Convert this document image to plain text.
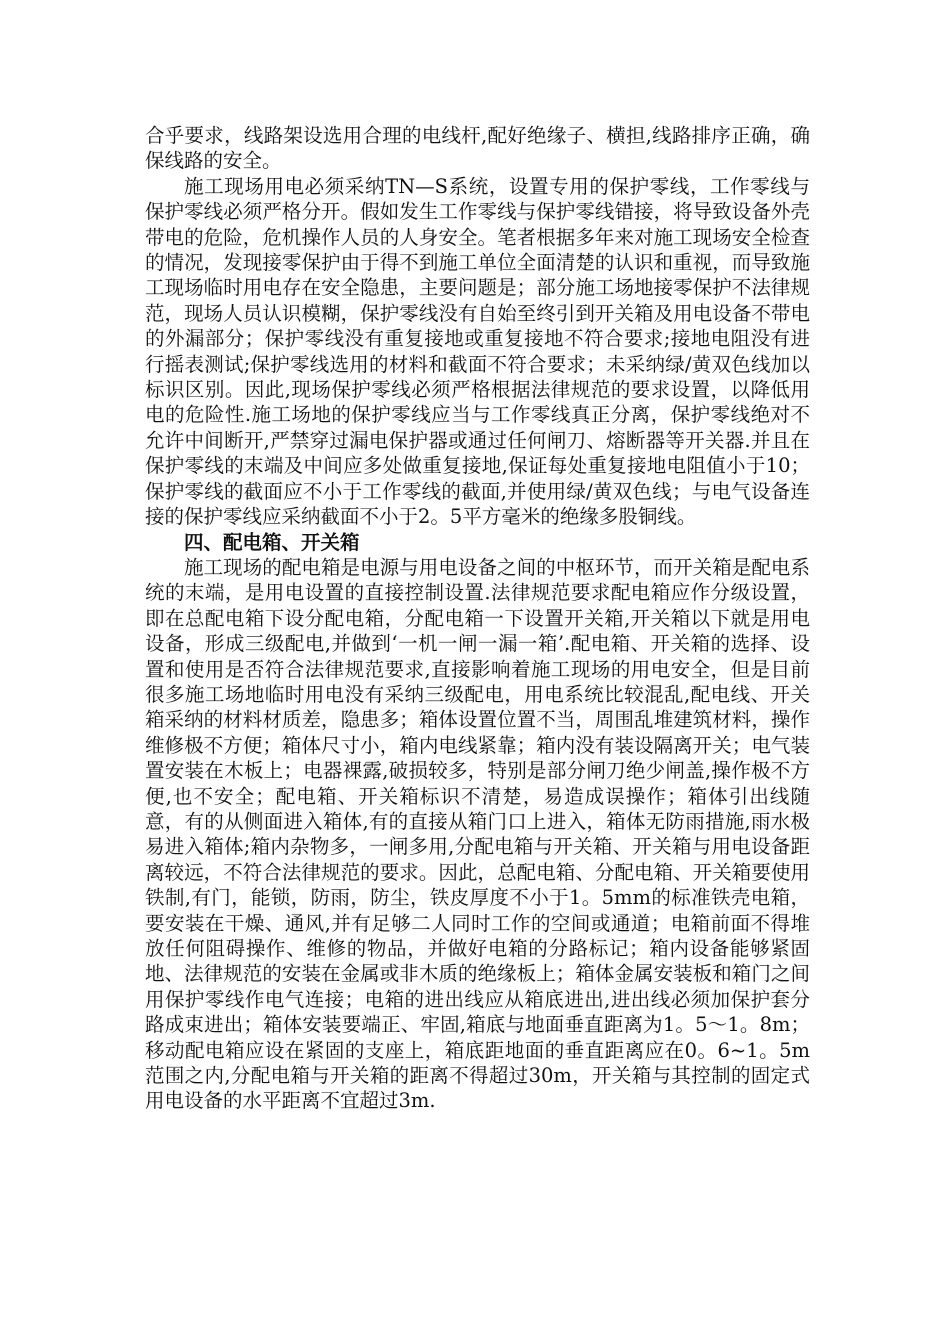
合乎要求，线路架设选用合理的电线杆,配好绝缘子、横担,线路排序正确，确保线路的安全。

施工现场用电必须采纳TN—S系统，设置专用的保护零线，工作零线与保护零线必须严格分开。假如发生工作零线与保护零线错接，将导致设备外壳带电的危险，危机操作人员的人身安全。笔者根据多年来对施工现场安全检查的情况，发现接零保护由于得不到施工单位全面清楚的认识和重视，而导致施工现场临时用电存在安全隐患，主要问题是；部分施工场地接零保护不法律规范，现场人员认识模糊，保护零线没有自始至终引到开关箱及用电设备不带电的外漏部分；保护零线没有重复接地或重复接地不符合要求;接地电阻没有进行摇表测试;保护零线选用的材料和截面不符合要求；未采纳绿/黄双色线加以标识区别。因此,现场保护零线必须严格根据法律规范的要求设置，以降低用电的危险性.施工场地的保护零线应当与工作零线真正分离，保护零线绝对不允许中间断开,严禁穿过漏电保护器或通过任何闸刀、熔断器等开关器.并且在保护零线的末端及中间应多处做重复接地,保证每处重复接地电阻值小于10；保护零线的截面应不小于工作零线的截面,并使用绿/黄双色线；与电气设备连接的保护零线应采纳截面不小于2。5平方毫米的绝缘多股铜线。

四、配电箱、开关箱

施工现场的配电箱是电源与用电设备之间的中枢环节，而开关箱是配电系统的末端，是用电设置的直接控制设置.法律规范要求配电箱应作分级设置，即在总配电箱下设分配电箱，分配电箱一下设置开关箱,开关箱以下就是用电设备，形成三级配电,并做到‘一机一闸一漏一箱’.配电箱、开关箱的选择、设置和使用是否符合法律规范要求,直接影响着施工现场的用电安全，但是目前很多施工场地临时用电没有采纳三级配电，用电系统比较混乱,配电线、开关箱采纳的材料材质差，隐患多；箱体设置位置不当，周围乱堆建筑材料，操作维修极不方便；箱体尺寸小，箱内电线紧靠；箱内没有装设隔离开关；电气装置安装在木板上；电器裸露,破损较多，特别是部分闸刀绝少闸盖,操作极不方便,也不安全；配电箱、开关箱标识不清楚，易造成误操作；箱体引出线随意，有的从侧面进入箱体,有的直接从箱门口上进入，箱体无防雨措施,雨水极易进入箱体;箱内杂物多，一闸多用,分配电箱与开关箱、开关箱与用电设备距离较远，不符合法律规范的要求。因此，总配电箱、分配电箱、开关箱要使用铁制,有门，能锁，防雨，防尘，铁皮厚度不小于1。5mm的标准铁壳电箱，要安装在干燥、通风,并有足够二人同时工作的空间或通道；电箱前面不得堆放任何阻碍操作、维修的物品，并做好电箱的分路标记；箱内设备能够紧固地、法律规范的安装在金属或非木质的绝缘板上；箱体金属安装板和箱门之间用保护零线作电气连接；电箱的进出线应从箱底进出,进出线必须加保护套分路成束进出；箱体安装要端正、牢固,箱底与地面垂直距离为1。5～1。8m；移动配电箱应设在紧固的支座上，箱底距地面的垂直距离应在0。6~1。5m范围之内,分配电箱与开关箱的距离不得超过30m，开关箱与其控制的固定式用电设备的水平距离不宜超过3m.
